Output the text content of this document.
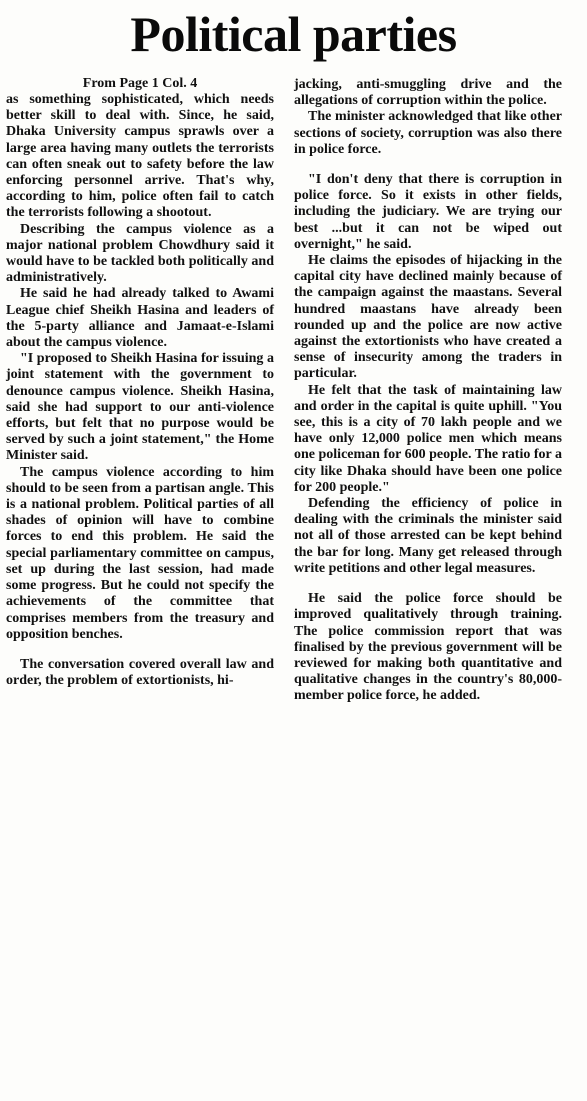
Political parties
From Page 1 Col. 4

as something sophisticated, which needs better skill to deal with. Since, he said, Dhaka University campus sprawls over a large area having many outlets the terrorists can often sneak out to safety before the law enforcing personnel arrive. That's why, according to him, police often fail to catch the terrorists following a shootout.

Describing the campus violence as a major national problem Chowdhury said it would have to be tackled both politically and administratively.

He said he had already talked to Awami League chief Sheikh Hasina and leaders of the 5-party alliance and Jamaat-e-Islami about the campus violence.

"I proposed to Sheikh Hasina for issuing a joint statement with the government to denounce campus violence. Sheikh Hasina, said she had support to our anti-violence efforts, but felt that no purpose would be served by such a joint statement," the Home Minister said.

The campus violence according to him should to be seen from a partisan angle. This is a national problem. Political parties of all shades of opinion will have to combine forces to end this problem. He said the special parliamentary committee on campus, set up during the last session, had made some progress. But he could not specify the achievements of the committee that comprises members from the treasury and opposition benches.

The conversation covered overall law and order, the problem of extortionists, hi-

jacking, anti-smuggling drive and the allegations of corruption within the police.

The minister acknowledged that like other sections of society, corruption was also there in police force.

"I don't deny that there is corruption in police force. So it exists in other fields, including the judiciary. We are trying our best ...but it can not be wiped out overnight," he said.

He claims the episodes of hijacking in the capital city have declined mainly because of the campaign against the maastans. Several hundred maastans have already been rounded up and the police are now active against the extortionists who have created a sense of insecurity among the traders in particular.

He felt that the task of maintaining law and order in the capital is quite uphill. "You see, this is a city of 70 lakh people and we have only 12,000 police men which means one policeman for 600 people. The ratio for a city like Dhaka should have been one police for 200 people."

Defending the efficiency of police in dealing with the criminals the minister said not all of those arrested can be kept behind the bar for long. Many get released through write petitions and other legal measures.

He said the police force should be improved qualitatively through training. The police commission report that was finalised by the previous government will be reviewed for making both quantitative and qualitative changes in the country's 80,000-member police force, he added.
